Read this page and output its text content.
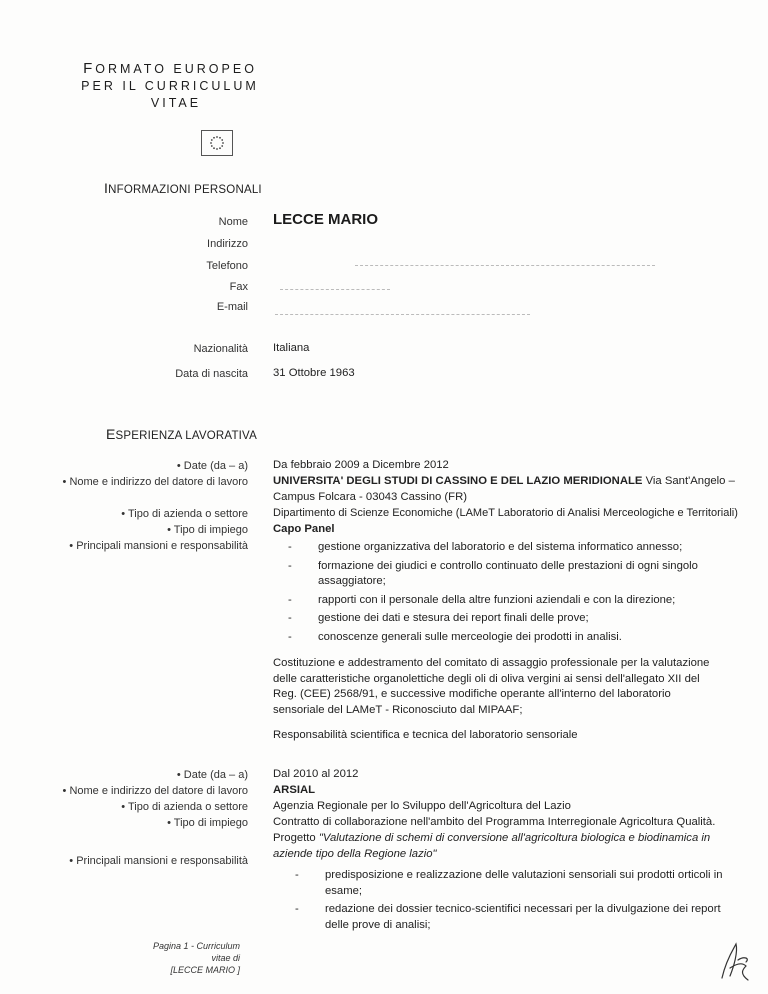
FORMATO EUROPEO
PER IL CURRICULUM
VITAE
INFORMAZIONI PERSONALI
Nome LECCE MARIO
Indirizzo
Telefono
Fax
E-mail
Nazionalità Italiana
Data di nascita 31 Ottobre 1963
ESPERIENZA LAVORATIVA
• Date (da – a)
• Nome e indirizzo del datore di lavoro
• Tipo di azienda o settore
• Tipo di impiego
• Principali mansioni e responsabilità
Da febbraio 2009 a Dicembre 2012
UNIVERSITA' DEGLI STUDI DI CASSINO E DEL LAZIO MERIDIONALE Via Sant'Angelo –
Campus Folcara - 03043 Cassino (FR)
Dipartimento di Scienze Economiche (LAMeT Laboratorio di Analisi Merceologiche e Territoriali)
Capo Panel
- gestione organizzativa del laboratorio e del sistema informatico annesso;
- formazione dei giudici e controllo continuato delle prestazioni di ogni singolo assaggiatore;
- rapporti con il personale della altre funzioni aziendali e con la direzione;
- gestione dei dati e stesura dei report finali delle prove;
- conoscenze generali sulle merceologie dei prodotti in analisi.
Costituzione e addestramento del comitato di assaggio professionale per la valutazione delle caratteristiche organolettiche degli oli di oliva vergini ai sensi dell'allegato XII del Reg. (CEE) 2568/91, e successive modifiche operante all'interno del laboratorio sensoriale del LAMeT - Riconosciuto dal MIPAAF;
Responsabilità scientifica e tecnica del laboratorio sensoriale
• Date (da – a)
• Nome e indirizzo del datore di lavoro
• Tipo di azienda o settore
• Tipo di impiego
• Principali mansioni e responsabilità
Dal 2010 al 2012
ARSIAL
Agenzia Regionale per lo Sviluppo dell'Agricoltura del Lazio
Contratto di collaborazione nell'ambito del Programma Interregionale Agricoltura Qualità.
Progetto "Valutazione di schemi di conversione all'agricoltura biologica e biodinamica in aziende tipo della Regione lazio"
- predisposizione e realizzazione delle valutazioni sensoriali sui prodotti orticoli in esame;
- redazione dei dossier tecnico-scientifici necessari per la divulgazione dei report delle prove di analisi;
Pagina 1 - Curriculum vitae di
[LECCE MARIO ]
